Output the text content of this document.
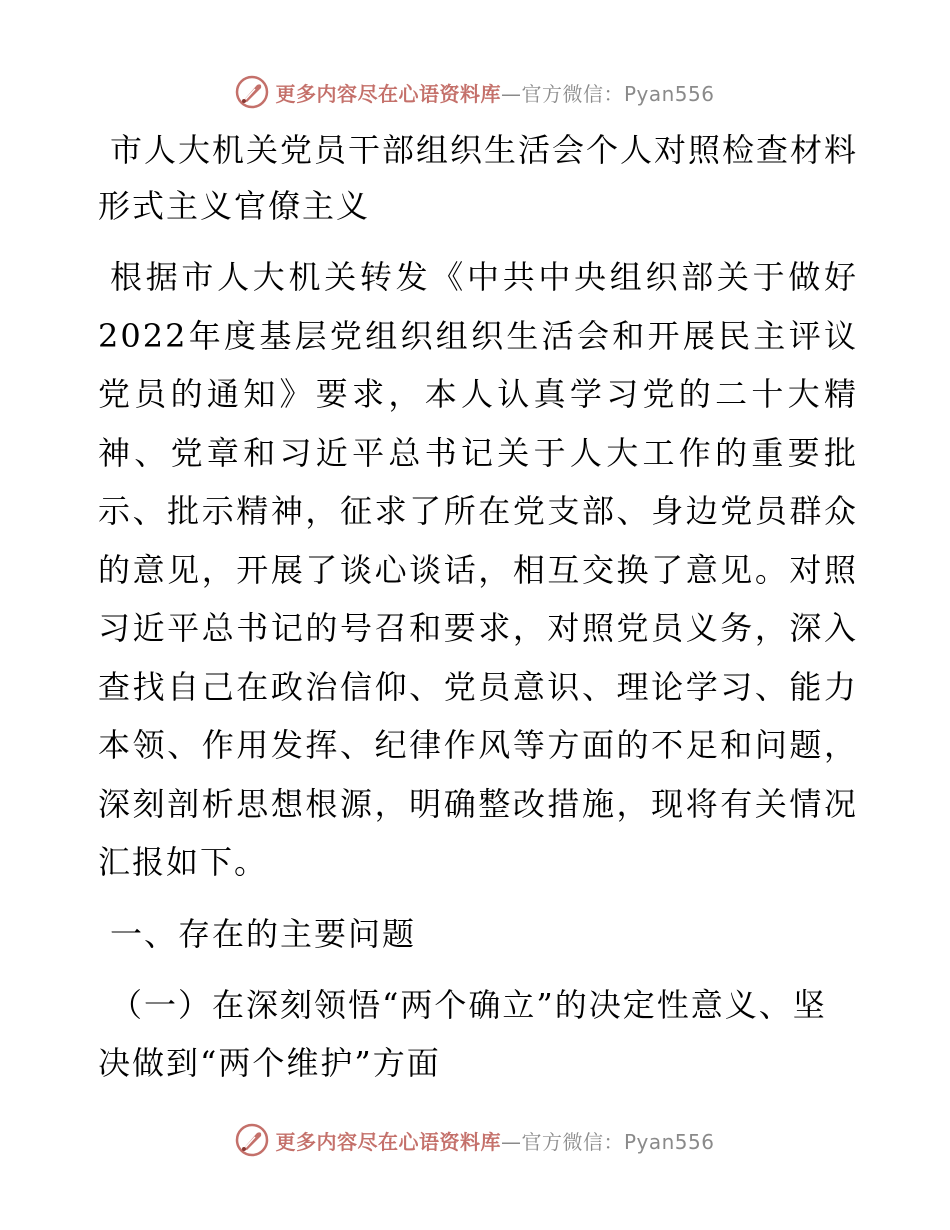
更多内容尽在心语资料库—官方微信：Pyan556
市人大机关党员干部组织生活会个人对照检查材料 形式主义官僚主义

根据市人大机关转发《中共中央组织部关于做好2022年度基层党组织组织生活会和开展民主评议党员的通知》要求，本人认真学习党的二十大精神、党章和习近平总书记关于人大工作的重要批示、批示精神，征求了所在党支部、身边党员群众的意见，开展了谈心谈话，相互交换了意见。对照习近平总书记的号召和要求，对照党员义务，深入查找自己在政治信仰、党员意识、理论学习、能力本领、作用发挥、纪律作风等方面的不足和问题，深刻剖析思想根源，明确整改措施，现将有关情况汇报如下。

一、存在的主要问题
（一）在深刻领悟“两个确立”的决定性意义、坚决做到“两个维护”方面
更多内容尽在心语资料库—官方微信：Pyan556
